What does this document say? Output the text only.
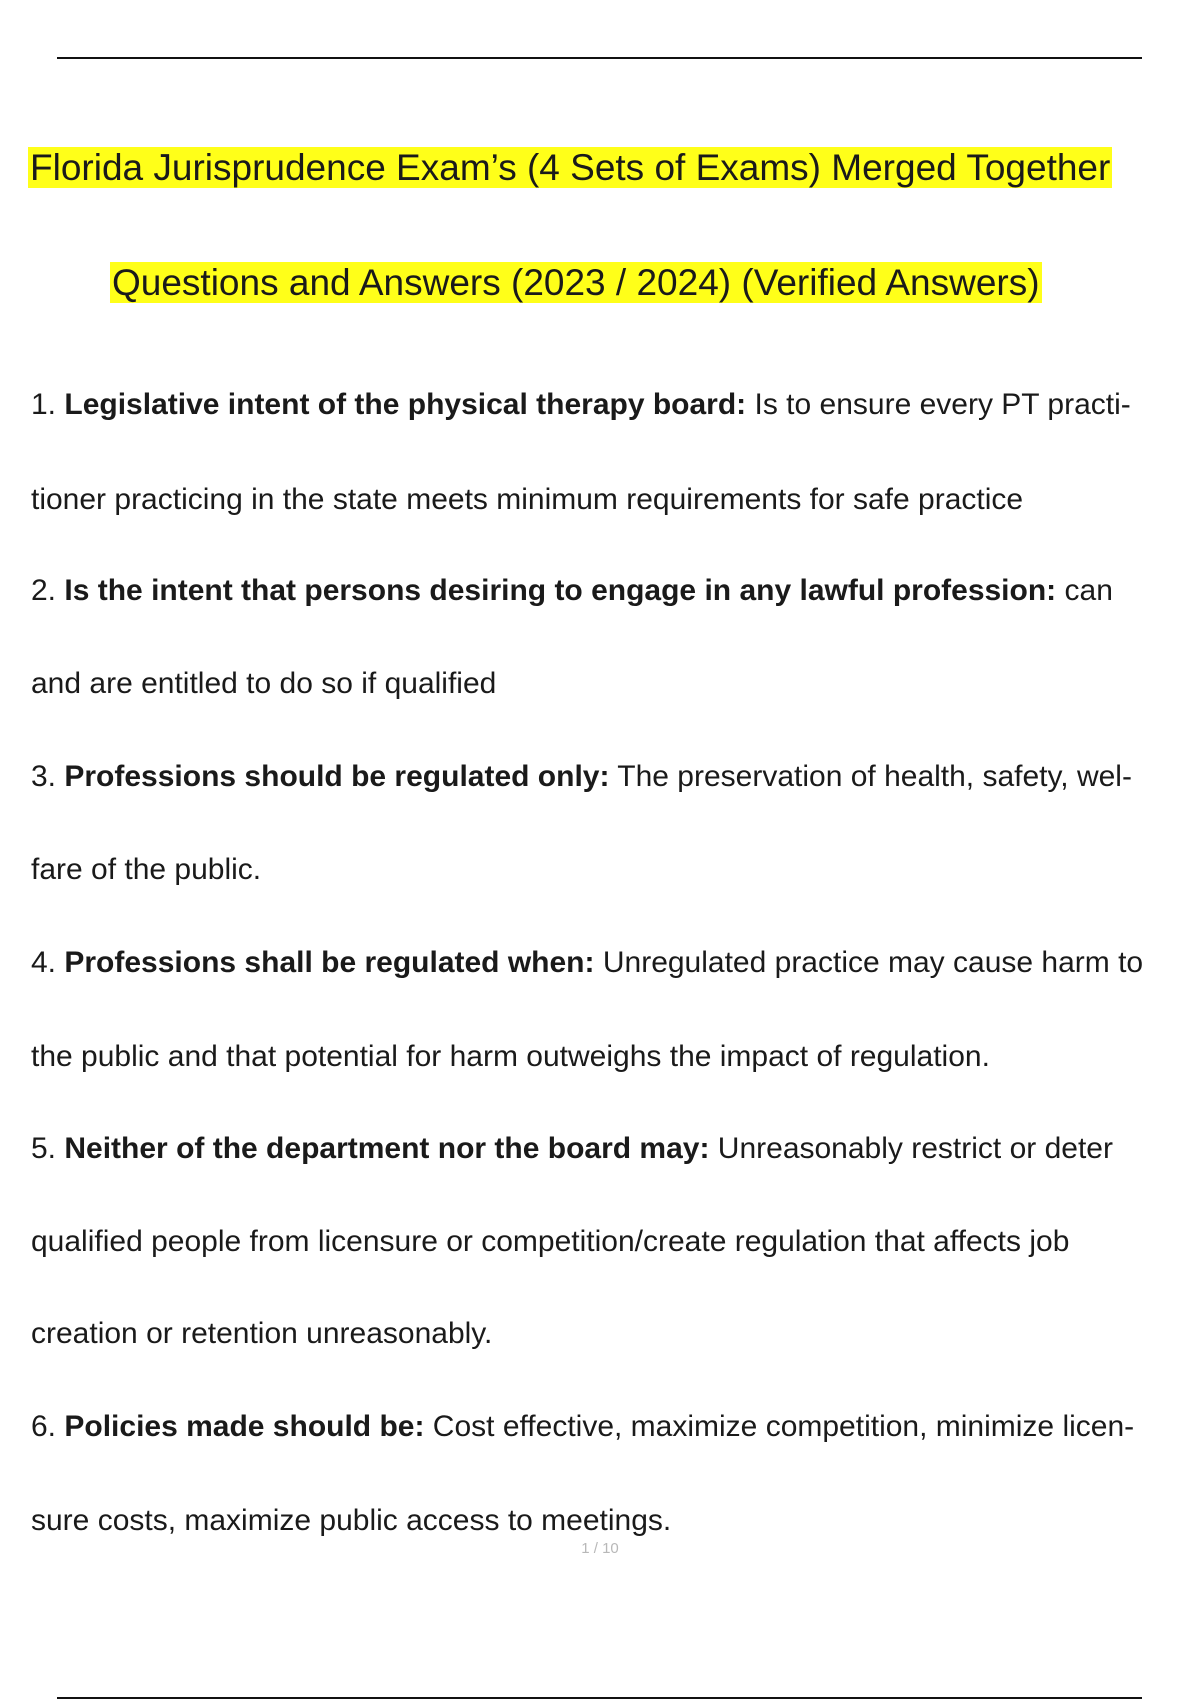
Florida Jurisprudence Exam’s (4 Sets of Exams) Merged Together
Questions and Answers (2023 / 2024) (Verified Answers)
1. Legislative intent of the physical therapy board: Is to ensure every PT practi-
tioner practicing in the state meets minimum requirements for safe practice
2. Is the intent that persons desiring to engage in any lawful profession: can
and are entitled to do so if qualified
3. Professions should be regulated only: The preservation of health, safety, wel-
fare of the public.
4. Professions shall be regulated when: Unregulated practice may cause harm to
the public and that potential for harm outweighs the impact of regulation.
5. Neither of the department nor the board may: Unreasonably restrict or deter
qualified people from licensure or competition/create regulation that affects job
creation or retention unreasonably.
6. Policies made should be: Cost effective, maximize competition, minimize licen-
sure costs, maximize public access to meetings.
1 / 10
